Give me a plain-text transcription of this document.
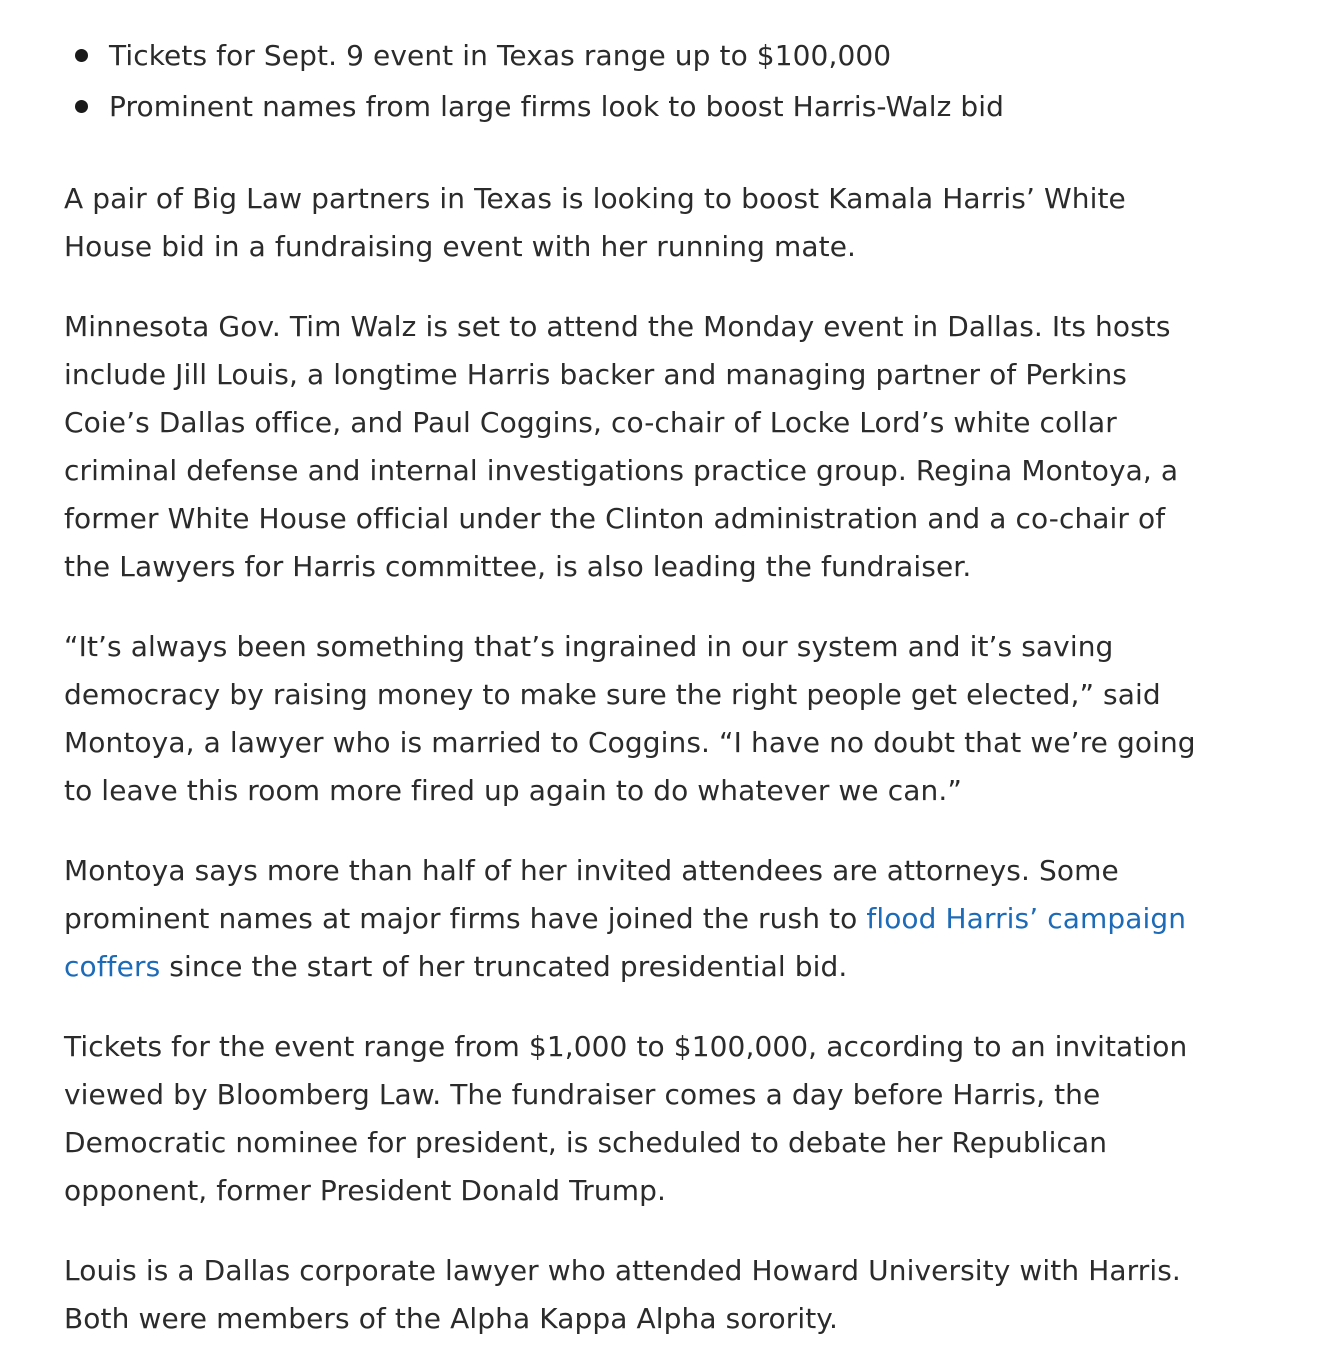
Tickets for Sept. 9 event in Texas range up to $100,000
Prominent names from large firms look to boost Harris-Walz bid

A pair of Big Law partners in Texas is looking to boost Kamala Harris’ White
House bid in a fundraising event with her running mate.

Minnesota Gov. Tim Walz is set to attend the Monday event in Dallas. Its hosts
include Jill Louis, a longtime Harris backer and managing partner of Perkins
Coie’s Dallas office, and Paul Coggins, co-chair of Locke Lord’s white collar
criminal defense and internal investigations practice group. Regina Montoya, a
former White House official under the Clinton administration and a co-chair of
the Lawyers for Harris committee, is also leading the fundraiser.

“It’s always been something that’s ingrained in our system and it’s saving
democracy by raising money to make sure the right people get elected,” said
Montoya, a lawyer who is married to Coggins. “I have no doubt that we’re going
to leave this room more fired up again to do whatever we can.”

Montoya says more than half of her invited attendees are attorneys. Some
prominent names at major firms have joined the rush to flood Harris’ campaign
coffers since the start of her truncated presidential bid.

Tickets for the event range from $1,000 to $100,000, according to an invitation
viewed by Bloomberg Law. The fundraiser comes a day before Harris, the
Democratic nominee for president, is scheduled to debate her Republican
opponent, former President Donald Trump.

Louis is a Dallas corporate lawyer who attended Howard University with Harris.
Both were members of the Alpha Kappa Alpha sorority.
